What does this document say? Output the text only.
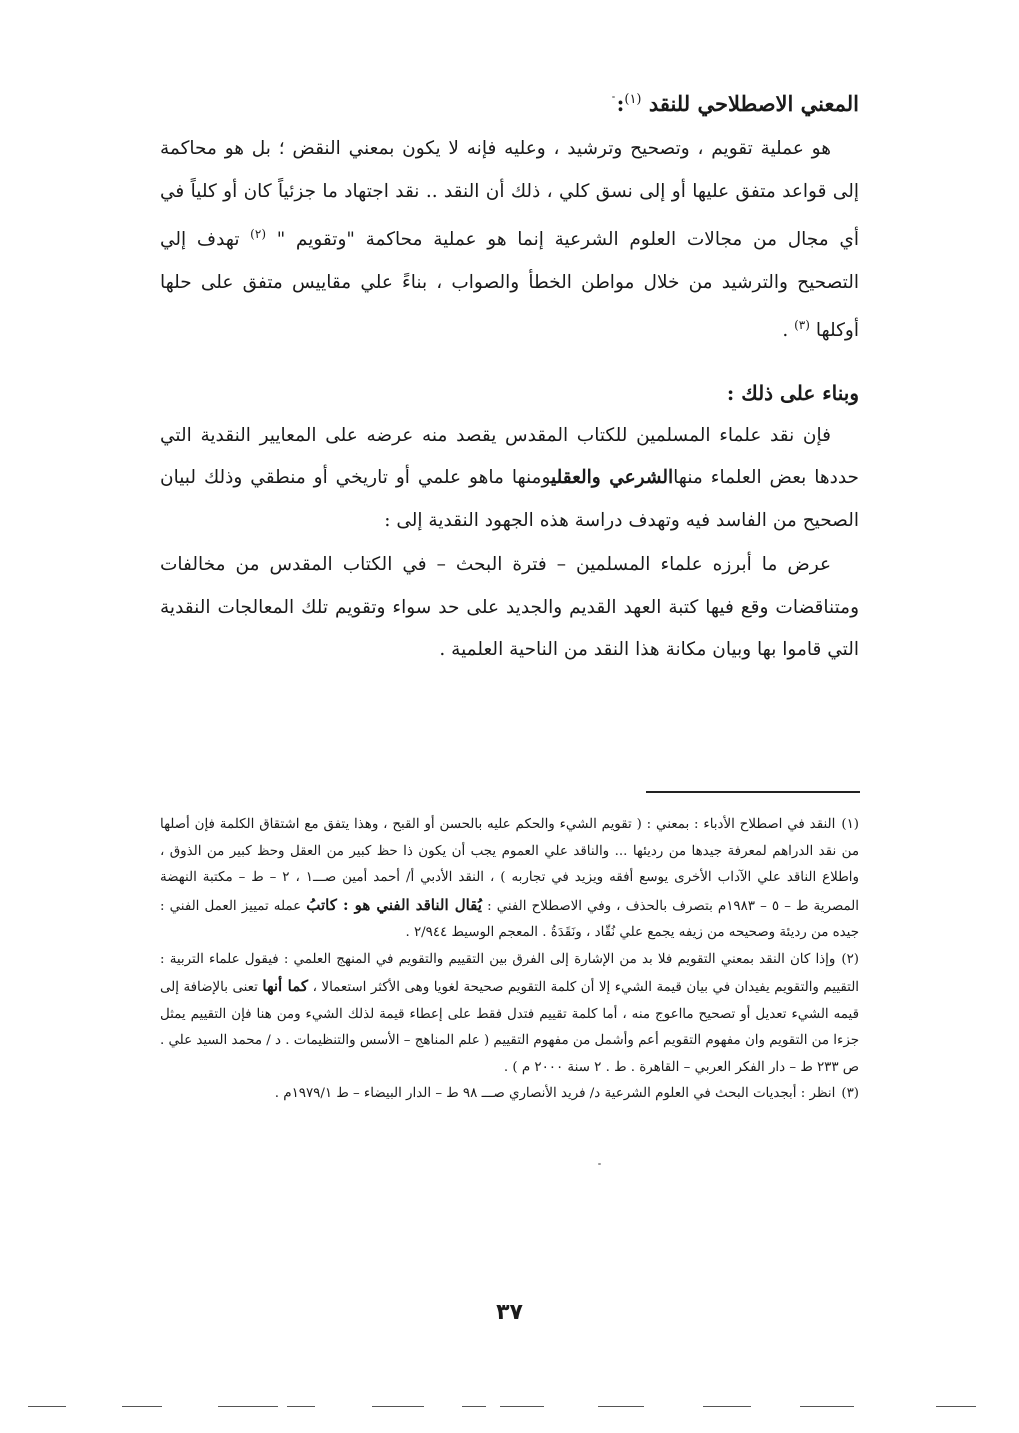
المعني الاصطلاحي للنقد $^{(١)}$:

هو عملية تقويم ، وتصحيح وترشيد ، وعليه فإنه لا يكون بمعني النقض ؛ بل هو محاكمة إلى قواعد متفق عليها أو إلى نسق كلي ، ذلك أن النقد .. نقد اجتهاد ما جزئياً كان أو كلياً في أي مجال من مجالات العلوم الشرعية إنما هو عملية محاكمة "وتقويم " $^{(٢)}$ تهدف إلي التصحيح والترشيد من خلال مواطن الخطأ والصواب ، بناءً علي مقاييس متفق على حلها أوكلها $^{(٣)}$ .

وبناء على ذلك :

فإن نقد علماء المسلمين للكتاب المقدس يقصد منه عرضه على المعايير النقدية التي حددها بعض العلماء منهاالشرعي والعقليومنها ماهو علمي أو تاريخي أو منطقي وذلك لبيان الصحيح من الفاسد فيه وتهدف دراسة هذه الجهود النقدية إلى :

عرض ما أبرزه علماء المسلمين – فترة البحث – في الكتاب المقدس من مخالفات ومتناقضات وقع فيها كتبة العهد القديم والجديد على حد سواء وتقويم تلك المعالجات النقدية التي قاموا بها وبيان مكانة هذا النقد من الناحية العلمية .

(١)النقد في اصطلاح الأدباء : بمعني : ( تقويم الشيء والحكم عليه بالحسن أو القبح ، وهذا يتفق مع اشتقاق الكلمة فإن أصلها من نقد الدراهم لمعرفة جيدها من رديئها ... والناقد علي العموم يجب أن يكون ذا حظ كبير من العقل وحظ كبير من الذوق ، واطلاع الناقد علي الآداب الأخرى يوسع أفقه ويزيد في تجاربه ) ، النقد الأدبي أ/ أحمد أمين صـــ١ ، ٢ – ط – مكتبة النهضة المصرية ط – ٥ – ١٩٨٣م بتصرف بالحذف ، وفي الاصطلاح الفني : يُقال الناقد الفني هو : كاتبُ عمله تمييز العمل الفني : جيده من رديئة وصحيحه من زيفه يجمع علي نُقّاد ، ونَقَدَةُ . المعجم الوسيط ٢/٩٤٤ .

(٢)وإذا كان النقد بمعني التقويم فلا بد من الإشارة إلى الفرق بين التقييم والتقويم في المنهج العلمي : فيقول علماء التربية : التقييم والتقويم يفيدان في بيان قيمة الشيء إلا أن كلمة التقويم صحيحة لغويا وهى الأكثر استعمالا ، كما أنها تعنى بالإضافة إلى قيمه الشيء تعديل أو تصحيح مااعوج منه ، أما كلمة تقييم فتدل فقط على إعطاء قيمة لذلك الشيء ومن هنا فإن التقييم يمثل جزءا من التقويم وان مفهوم التقويم أعم وأشمل من مفهوم التقييم ( علم المناهج – الأسس والتنظيمات . د / محمد السيد علي . ص ٢٣٣ ط – دار الفكر العربي – القاهرة . ط . ٢ سنة ٢٠٠٠ م ) .

(٣)انظر : أبجديات البحث في العلوم الشرعية د/ فريد الأنصاري صـــ ٩٨ ط – الدار البيضاء – ط ١٩٧٩/١م .

٣٧
